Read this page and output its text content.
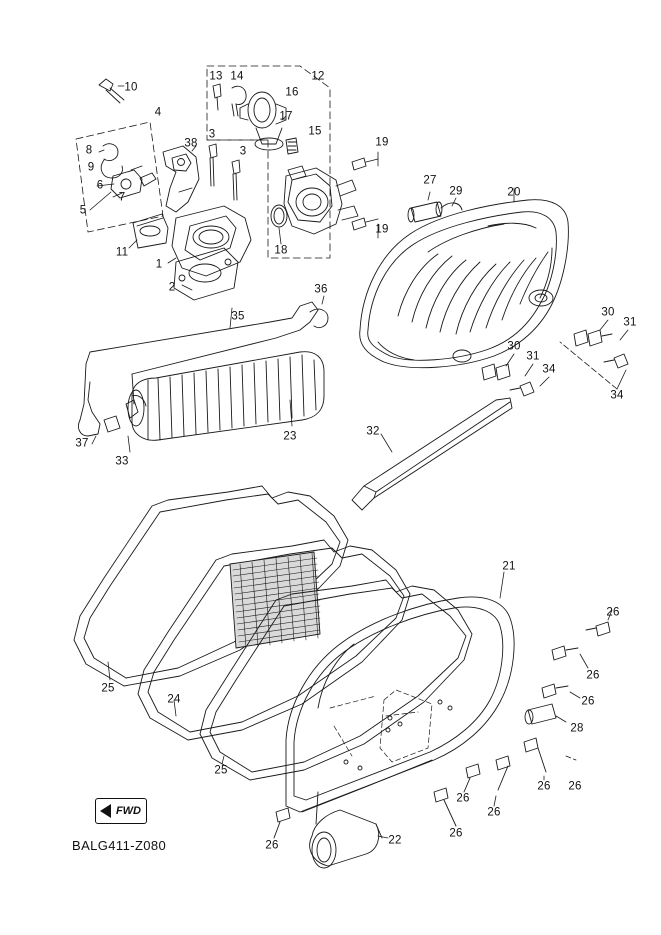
1
2
3
3
4
5
6
7
8
9
10
11
12
13 14
15
16
17
18
19
19
20
21
22
23
24
25
25
26
26
26
26 26
26
26
26
26
27
28
29
30
30
31
31
32
33
34
34
35
36
37
38
FWD
BALG411-Z080
